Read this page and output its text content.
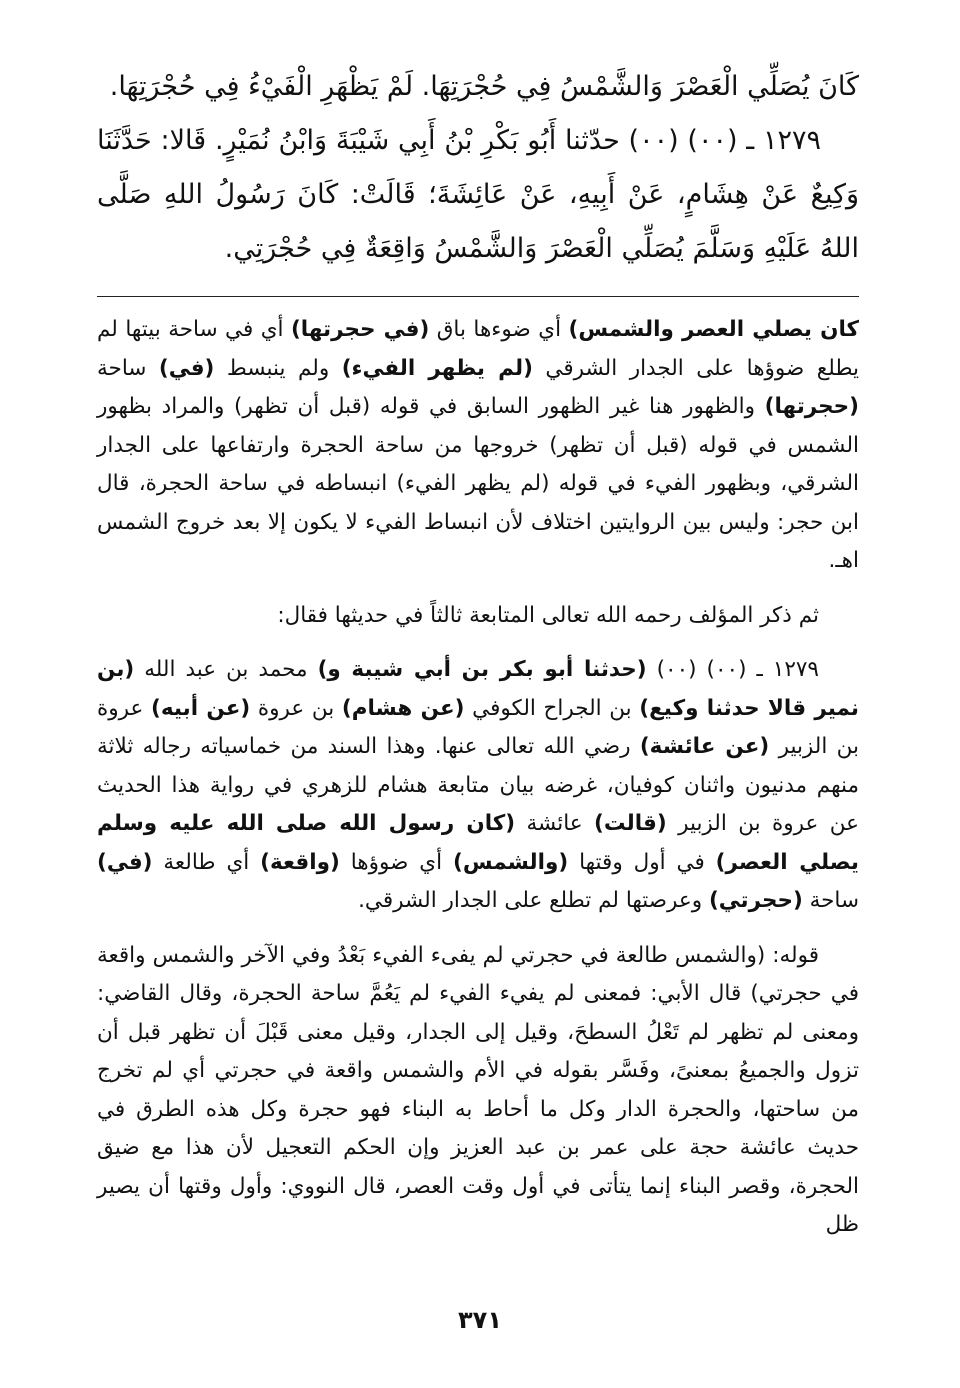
كَانَ يُصَلِّي الْعَصْرَ وَالشَّمْسُ فِي حُجْرَتِهَا. لَمْ يَظْهَرِ الْفَيْءُ فِي حُجْرَتِهَا.

١٢٧٩ ـ (٠٠) (٠٠) حدّثنا أَبُو بَكْرِ بْنُ أَبِي شَيْبَةَ وَابْنُ نُمَيْرٍ. قَالا: حَدَّثَنَا وَكِيعٌ عَنْ هِشَامٍ، عَنْ أَبِيهِ، عَنْ عَائِشَةَ؛ قَالَتْ: كَانَ رَسُولُ اللهِ صَلَّى اللهُ عَلَيْهِ وَسَلَّمَ يُصَلِّي الْعَصْرَ وَالشَّمْسُ وَاقِعَةٌ فِي حُجْرَتِي.

كان يصلي العصر والشمس) أي ضوءها باق (في حجرتها) أي في ساحة بيتها لم يطلع ضوؤها على الجدار الشرقي (لم يظهر الفيء) ولم ينبسط (في) ساحة (حجرتها) والظهور هنا غير الظهور السابق في قوله (قبل أن تظهر) والمراد بظهور الشمس في قوله (قبل أن تظهر) خروجها من ساحة الحجرة وارتفاعها على الجدار الشرقي، وبظهور الفيء في قوله (لم يظهر الفيء) انبساطه في ساحة الحجرة، قال ابن حجر: وليس بين الروايتين اختلاف لأن انبساط الفيء لا يكون إلا بعد خروج الشمس اهـ.

ثم ذكر المؤلف رحمه الله تعالى المتابعة ثالثاً في حديثها فقال:

١٢٧٩ ـ (٠٠) (٠٠) (حدثنا أبو بكر بن أبي شيبة و) محمد بن عبد الله (بن نمير قالا حدثنا وكيع) بن الجراح الكوفي (عن هشام) بن عروة (عن أبيه) عروة بن الزبير (عن عائشة) رضي الله تعالى عنها. وهذا السند من خماسياته رجاله ثلاثة منهم مدنيون واثنان كوفيان، غرضه بيان متابعة هشام للزهري في رواية هذا الحديث عن عروة بن الزبير (قالت) عائشة (كان رسول الله صلى الله عليه وسلم يصلي العصر) في أول وقتها (والشمس) أي ضوؤها (واقعة) أي طالعة (في) ساحة (حجرتي) وعرصتها لم تطلع على الجدار الشرقي.

قوله: (والشمس طالعة في حجرتي لم يفىء الفيء بَعْدُ وفي الآخر والشمس واقعة في حجرتي) قال الأبي: فمعنى لم يفيء الفيء لم يَعُمَّ ساحة الحجرة، وقال القاضي: ومعنى لم تظهر لم تَعْلُ السطحَ، وقيل إلى الجدار، وقيل معنى قَبْلَ أن تظهر قبل أن تزول والجميعُ بمعنىً، وفَسَّر بقوله في الأم والشمس واقعة في حجرتي أي لم تخرج من ساحتها، والحجرة الدار وكل ما أحاط به البناء فهو حجرة وكل هذه الطرق في حديث عائشة حجة على عمر بن عبد العزيز وإن الحكم التعجيل لأن هذا مع ضيق الحجرة، وقصر البناء إنما يتأتى في أول وقت العصر، قال النووي: وأول وقتها أن يصير ظل

٣٧١
